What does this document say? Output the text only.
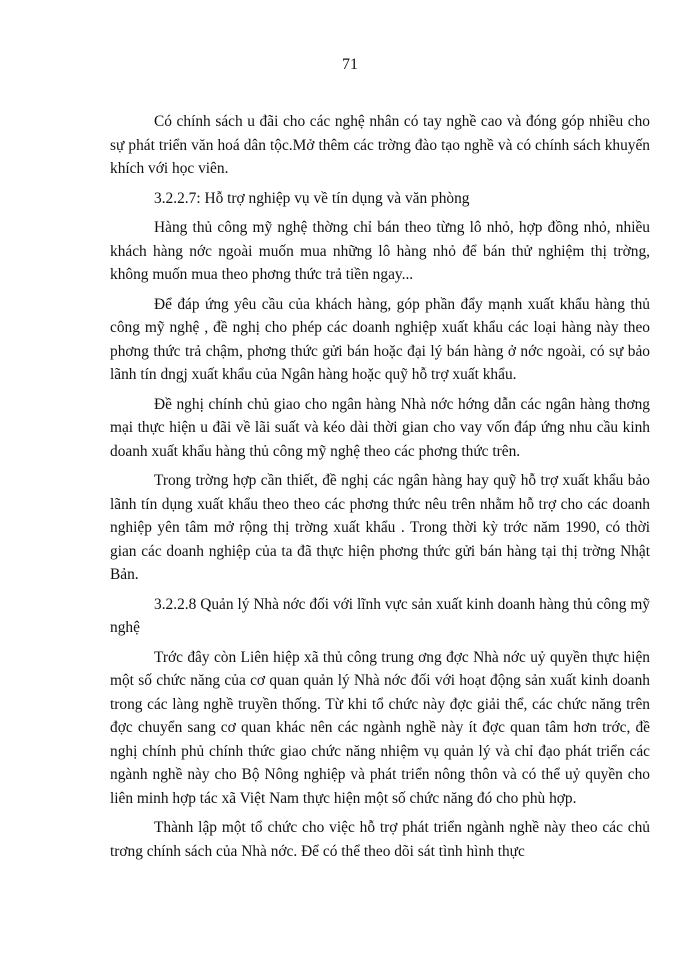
71

Có chính sách u đãi cho các nghệ nhân có tay nghề cao và đóng góp nhiều cho sự phát triển văn hoá dân tộc.Mở thêm các trờng đào tạo nghề và có chính sách khuyến khích với học viên.

3.2.2.7: Hỗ trợ nghiệp vụ về tín dụng và văn phòng

Hàng thủ công mỹ nghệ thờng chỉ bán theo từng lô nhỏ, hợp đồng nhỏ, nhiều khách hàng nớc ngoài muốn mua những lô hàng nhỏ để bán thử nghiệm thị trờng, không muốn mua theo phơng thức trả tiền ngay...

Để đáp ứng yêu cầu của khách hàng, góp phần đẩy mạnh xuất khẩu hàng thủ công mỹ nghệ , đề nghị cho phép các doanh nghiệp xuất khẩu các loại hàng này theo phơng thức trả chậm, phơng thức gửi bán hoặc đại lý bán hàng ở nớc ngoài, có sự bảo lãnh tín dngj xuất khẩu của Ngân hàng hoặc quỹ hỗ trợ xuất khẩu.

Đề nghị chính chủ giao cho ngân hàng Nhà nớc hớng dẫn các ngân hàng thơng mại thực hiện u đãi về lãi suất và kéo dài thời gian cho vay vốn đáp ứng nhu cầu kinh doanh xuất khẩu hàng thủ công mỹ nghệ theo các phơng thức trên.

Trong trờng hợp cần thiết, đề nghị các ngân hàng hay quỹ hỗ trợ xuất khẩu bảo lãnh tín dụng xuất khẩu theo theo các phơng thức nêu trên nhằm hỗ trợ cho các doanh nghiệp yên tâm mở rộng thị trờng xuất khẩu . Trong thời kỳ trớc năm 1990, có thời gian các doanh nghiệp của ta đã thực hiện phơng thức gửi bán hàng tại thị trờng Nhật Bản.

3.2.2.8 Quản lý Nhà nớc đối với lĩnh vực sản xuất kinh doanh hàng thủ công mỹ nghệ

Trớc đây còn Liên hiệp xã thủ công trung ơng đợc Nhà nớc uỷ quyền thực hiện một số chức năng của cơ quan quản lý Nhà nớc đối với hoạt động sản xuất kinh doanh trong các làng nghề truyền thống. Từ khi tổ chức này đợc giải thể, các chức năng trên đợc chuyển sang cơ quan khác nên các ngành nghề này ít đợc quan tâm hơn trớc, đề nghị chính phủ chính thức giao chức năng nhiệm vụ quản lý và chỉ đạo phát triển các ngành nghề này cho Bộ Nông nghiệp và phát triển nông thôn và có thể uỷ quyền cho liên minh hợp tác xã Việt Nam thực hiện một số chức năng đó cho phù hợp.

Thành lập một tổ chức cho việc hỗ trợ phát triển ngành nghề này theo các chủ trơng chính sách của Nhà nớc. Để có thể theo dõi sát tình hình thực
